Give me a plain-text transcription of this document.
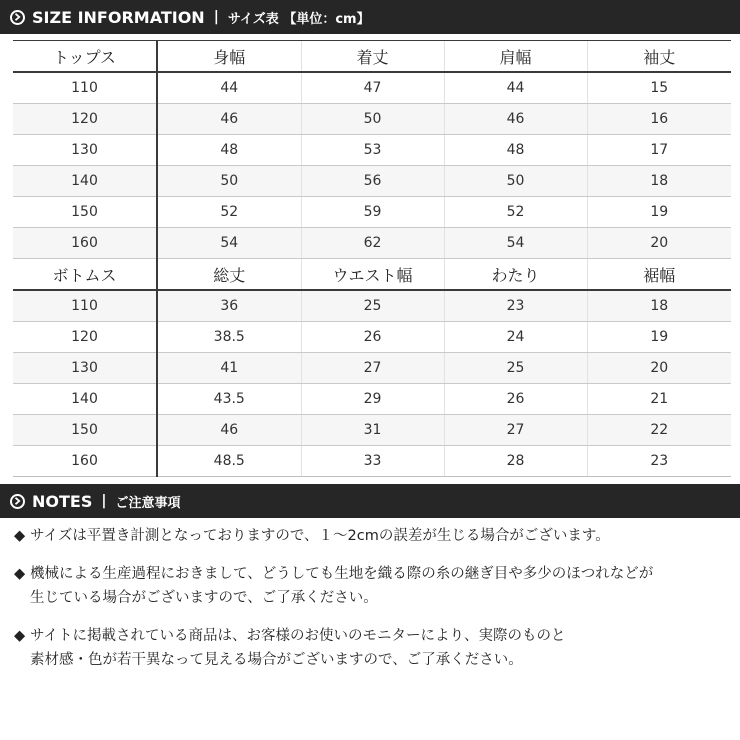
SIZE INFORMATION | サイズ表 【単位：cm】
トップス	身幅	着丈	肩幅	袖丈
110	44	47	44	15
120	46	50	46	16
130	48	53	48	17
140	50	56	50	18
150	52	59	52	19
160	54	62	54	20
ボトムス	総丈	ウエスト幅	わたり	裾幅
110	36	25	23	18
120	38.5	26	24	19
130	41	27	25	20
140	43.5	29	26	21
150	46	31	27	22
160	48.5	33	28	23
NOTES | ご注意事項
◆ サイズは平置き計測となっておりますので、１～2cmの誤差が生じる場合がございます。
◆ 機械による生産過程におきまして、どうしても生地を織る際の糸の継ぎ目や多少のほつれなどが
生じている場合がございますので、ご了承ください。
◆ サイトに掲載されている商品は、お客様のお使いのモニターにより、実際のものと
素材感・色が若干異なって見える場合がございますので、ご了承ください。
